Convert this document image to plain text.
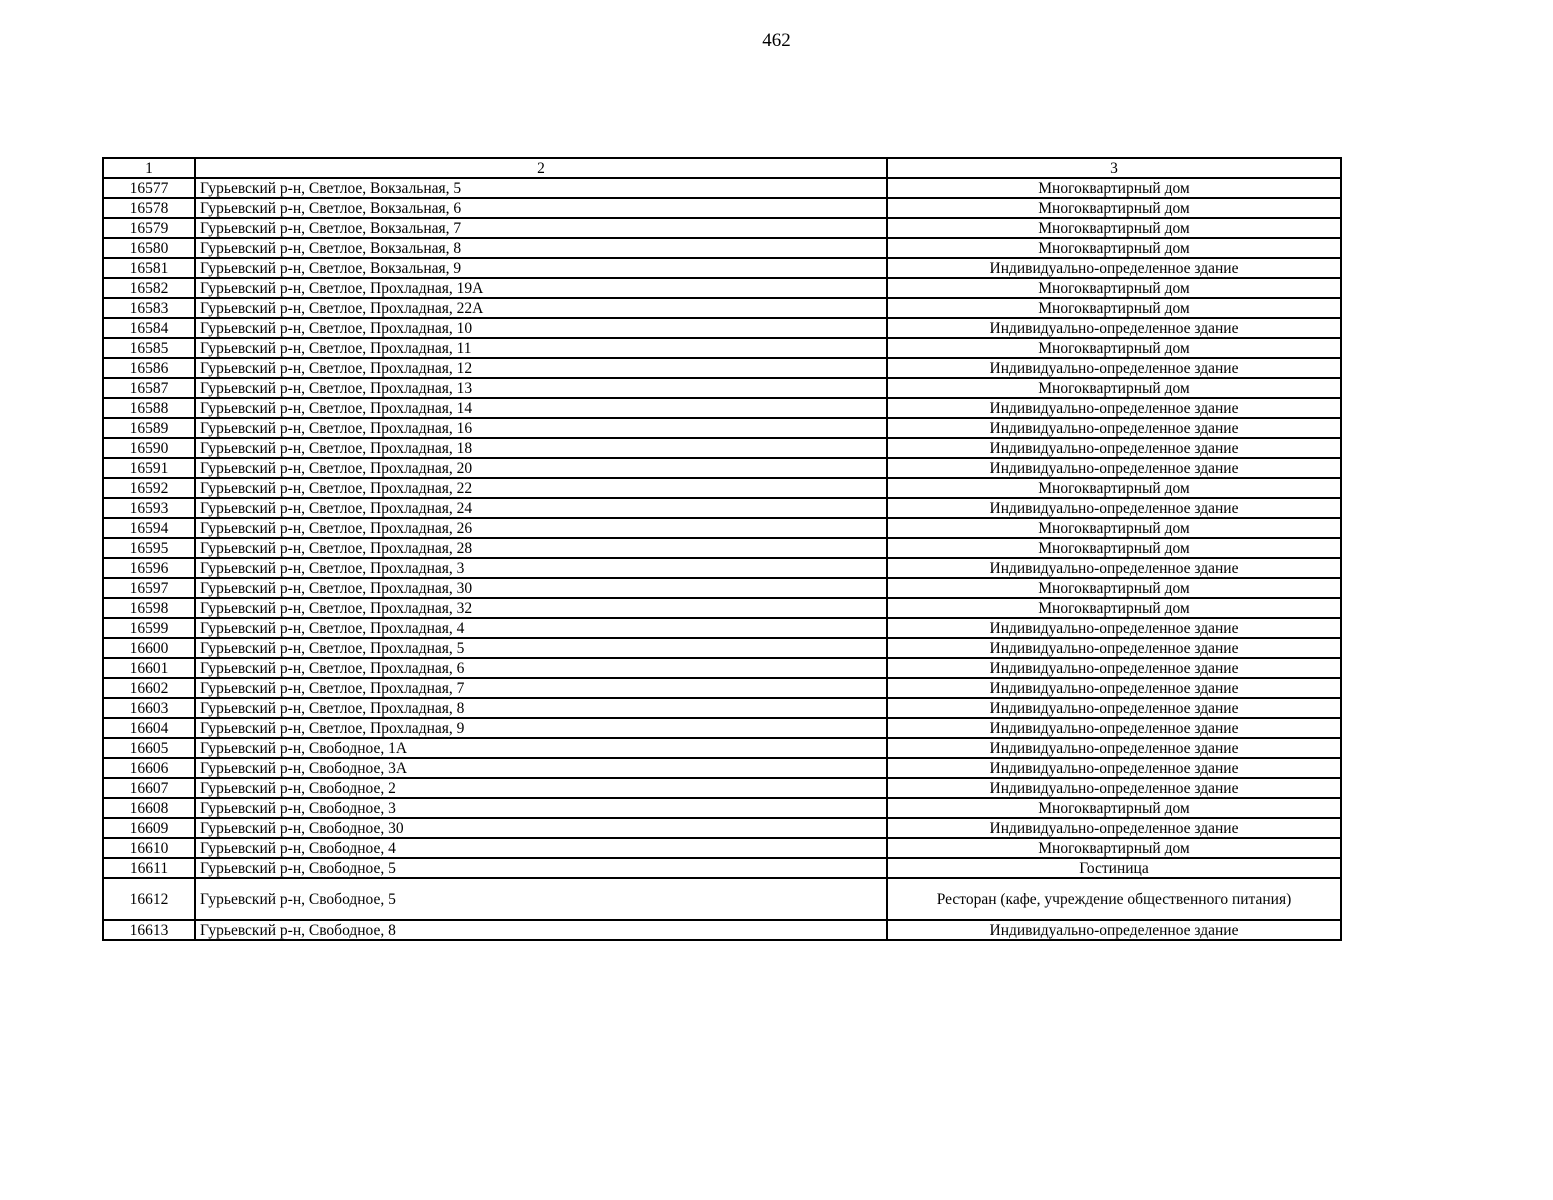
462
1	2	3
16577	Гурьевский р-н, Светлое, Вокзальная, 5	Многоквартирный дом
16578	Гурьевский р-н, Светлое, Вокзальная, 6	Многоквартирный дом
16579	Гурьевский р-н, Светлое, Вокзальная, 7	Многоквартирный дом
16580	Гурьевский р-н, Светлое, Вокзальная, 8	Многоквартирный дом
16581	Гурьевский р-н, Светлое, Вокзальная, 9	Индивидуально-определенное здание
16582	Гурьевский р-н, Светлое, Прохладная, 19А	Многоквартирный дом
16583	Гурьевский р-н, Светлое, Прохладная, 22А	Многоквартирный дом
16584	Гурьевский р-н, Светлое, Прохладная, 10	Индивидуально-определенное здание
16585	Гурьевский р-н, Светлое, Прохладная, 11	Многоквартирный дом
16586	Гурьевский р-н, Светлое, Прохладная, 12	Индивидуально-определенное здание
16587	Гурьевский р-н, Светлое, Прохладная, 13	Многоквартирный дом
16588	Гурьевский р-н, Светлое, Прохладная, 14	Индивидуально-определенное здание
16589	Гурьевский р-н, Светлое, Прохладная, 16	Индивидуально-определенное здание
16590	Гурьевский р-н, Светлое, Прохладная, 18	Индивидуально-определенное здание
16591	Гурьевский р-н, Светлое, Прохладная, 20	Индивидуально-определенное здание
16592	Гурьевский р-н, Светлое, Прохладная, 22	Многоквартирный дом
16593	Гурьевский р-н, Светлое, Прохладная, 24	Индивидуально-определенное здание
16594	Гурьевский р-н, Светлое, Прохладная, 26	Многоквартирный дом
16595	Гурьевский р-н, Светлое, Прохладная, 28	Многоквартирный дом
16596	Гурьевский р-н, Светлое, Прохладная, 3	Индивидуально-определенное здание
16597	Гурьевский р-н, Светлое, Прохладная, 30	Многоквартирный дом
16598	Гурьевский р-н, Светлое, Прохладная, 32	Многоквартирный дом
16599	Гурьевский р-н, Светлое, Прохладная, 4	Индивидуально-определенное здание
16600	Гурьевский р-н, Светлое, Прохладная, 5	Индивидуально-определенное здание
16601	Гурьевский р-н, Светлое, Прохладная, 6	Индивидуально-определенное здание
16602	Гурьевский р-н, Светлое, Прохладная, 7	Индивидуально-определенное здание
16603	Гурьевский р-н, Светлое, Прохладная, 8	Индивидуально-определенное здание
16604	Гурьевский р-н, Светлое, Прохладная, 9	Индивидуально-определенное здание
16605	Гурьевский р-н, Свободное, 1А	Индивидуально-определенное здание
16606	Гурьевский р-н, Свободное, 3А	Индивидуально-определенное здание
16607	Гурьевский р-н, Свободное, 2	Индивидуально-определенное здание
16608	Гурьевский р-н, Свободное, 3	Многоквартирный дом
16609	Гурьевский р-н, Свободное, 30	Индивидуально-определенное здание
16610	Гурьевский р-н, Свободное, 4	Многоквартирный дом
16611	Гурьевский р-н, Свободное, 5	Гостиница
16612	Гурьевский р-н, Свободное, 5	Ресторан (кафе, учреждение общественного питания)
16613	Гурьевский р-н, Свободное, 8	Индивидуально-определенное здание
